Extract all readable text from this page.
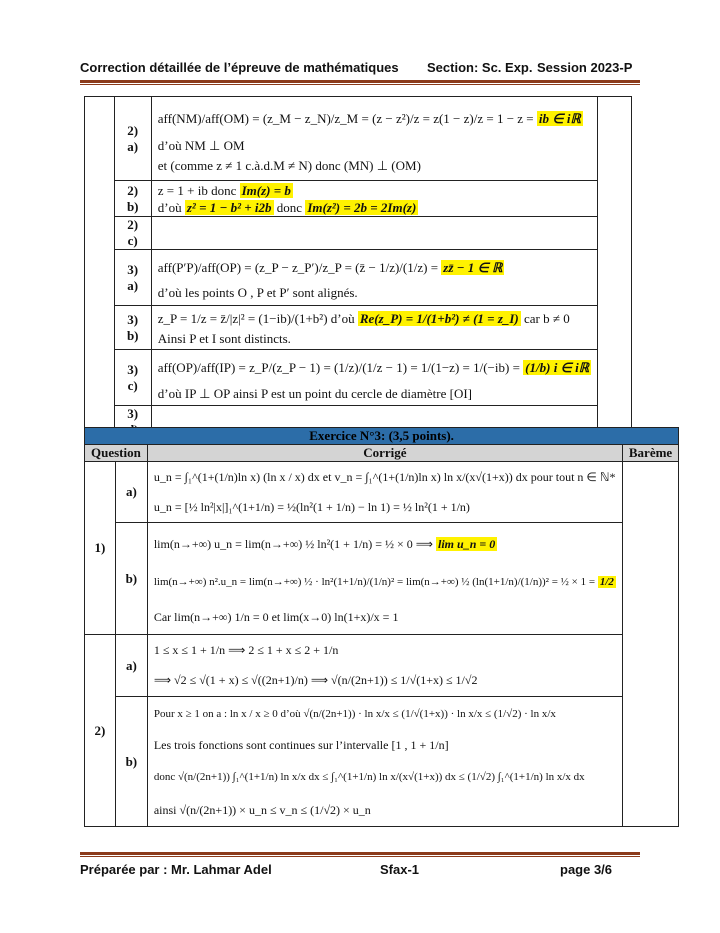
Correction détaillée de l’épreuve de mathématiques Section: Sc. Exp. Session 2023-P
	2) a)	aff(NM)/aff(OM) = (z_M − z_N)/z_M = (z − z²)/z = z(1 − z)/z = 1 − z = ib ∈ iℝ
d’où NM ⊥ OM
et (comme z ≠ 1 c.à.d.M ≠ N) donc (MN) ⊥ (OM)	

	2) b)	z = 1 + ib donc Im(z) = b
d’où z² = 1 − b² + i2b donc Im(z²) = 2b = 2Im(z)	

	2) c)		
	3) a)	aff(P′P)/aff(OP) = (z_P − z_P′)/z_P = (z̄ − 1/z)/(1/z) = zz̄ − 1 ∈ ℝ
d’où les points O , P et P′ sont alignés.	

	3) b)	z_P = 1/z = z̄/|z|² = (1−ib)/(1+b²) d’où Re(z_P) = 1/(1+b²) ≠ (1 = z_I) car b ≠ 0
Ainsi P et I sont distincts.	

	3) c)	aff(OP)/aff(IP) = z_P/(z_P − 1) = (1/z)/(1/z − 1) = 1/(1−z) = 1/(−ib) = (1/b) i ∈ iℝ
d’où IP ⊥ OP ainsi P est un point du cercle de diamètre [OI]	

	3)		
Exercice N°3: (3,5 points).			
Question		Corrigé	Barème
1)	a)	u_n = ∫₁^(1+(1/n)ln x) (ln x / x) dx et v_n = ∫₁^(1+(1/n)ln x) ln x/(x√(1+x)) dx pour tout n ∈ ℕ*
u_n = [½ ln²|x|]₁^(1+1/n) = ½(ln²(1 + 1/n) − ln 1) = ½ ln²(1 + 1/n)	

	b)	lim(n→+∞) u_n = lim(n→+∞) ½ ln²(1 + 1/n) = ½ × 0 ⟹ lim u_n = 0
lim(n→+∞) n².u_n = lim(n→+∞) ½ · ln²(1+1/n)/(1/n)² = lim(n→+∞) ½ (ln(1+1/n)/(1/n))² = ½ × 1 = 1/2
Car lim(n→+∞) 1/n = 0 et lim(x→0) ln(1+x)/x = 1	

2)	a)	1 ≤ x ≤ 1 + 1/n ⟹ 2 ≤ 1 + x ≤ 2 + 1/n
⟹ √2 ≤ √(1 + x) ≤ √((2n+1)/n) ⟹ √(n/(2n+1)) ≤ 1/√(1+x) ≤ 1/√2	

	b)	Pour x ≥ 1 on a : ln x / x ≥ 0 d’où √(n/(2n+1)) · ln x/x ≤ (1/√(1+x)) · ln x/x ≤ (1/√2) · ln x/x
Les trois fonctions sont continues sur l’intervalle [1 , 1 + 1/n]
donc √(n/(2n+1)) ∫₁^(1+1/n) ln x/x dx ≤ ∫₁^(1+1/n) ln x/(x√(1+x)) dx ≤ (1/√2) ∫₁^(1+1/n) ln x/x dx
ainsi √(n/(2n+1)) × u_n ≤ v_n ≤ (1/√2) × u_n	
Préparée par : Mr. Lahmar Adel	Sfax-1	page 3/6
